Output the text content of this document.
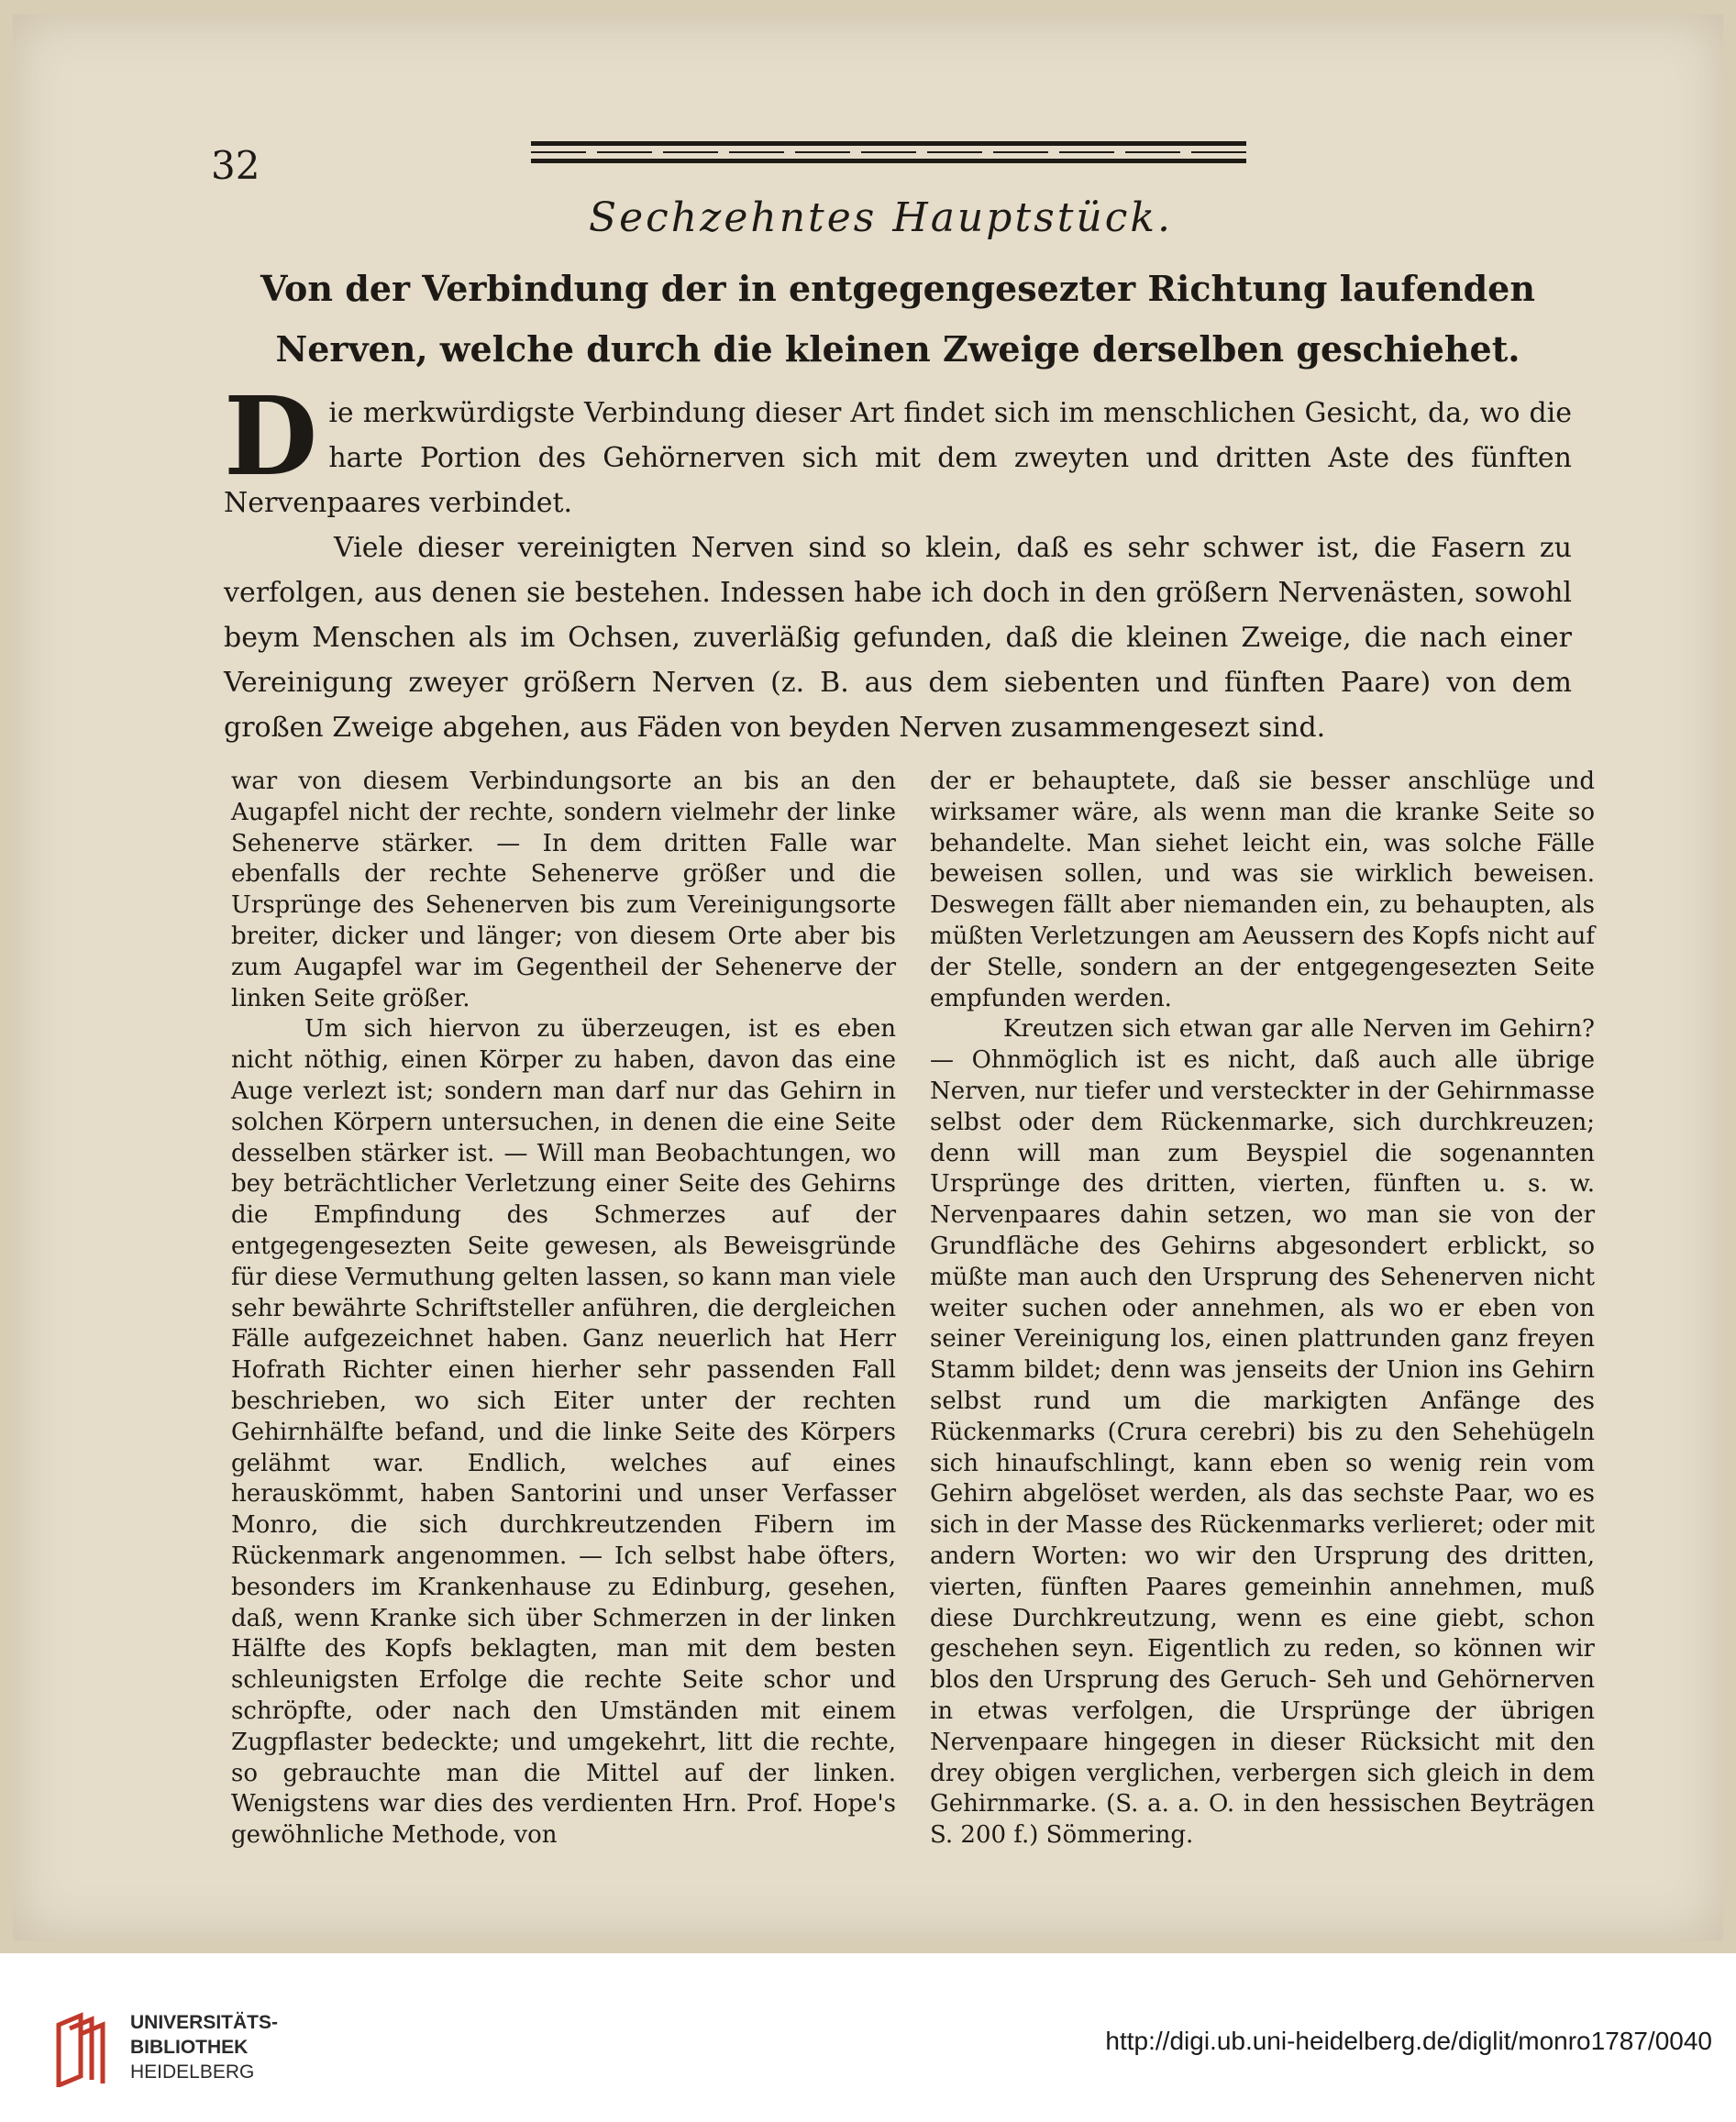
32
Sechzehntes Hauptstück.
Von der Verbindung der in entgegengesezter Richtung laufenden Nerven, welche durch die kleinen Zweige derselben geschiehet.

Die merkwürdigste Verbindung dieser Art findet sich im menschlichen Gesicht, da, wo die harte Portion des Gehörnerven sich mit dem zweyten und dritten Aste des fünften Nervenpaares verbindet.

Viele dieser vereinigten Nerven sind so klein, daß es sehr schwer ist, die Fasern zu verfolgen, aus denen sie bestehen. Indessen habe ich doch in den größern Nervenästen, sowohl beym Menschen als im Ochsen, zuverläßig gefunden, daß die kleinen Zweige, die nach einer Vereinigung zweyer größern Nerven (z. B. aus dem siebenten und fünften Paare) von dem großen Zweige abgehen, aus Fäden von beyden Nerven zusammengesezt sind.

war von diesem Verbindungsorte an bis an den Augapfel nicht der rechte, sondern vielmehr der linke Sehenerve stärker. — In dem dritten Falle war ebenfalls der rechte Sehenerve größer und die Ursprünge des Sehenerven bis zum Vereinigungsorte breiter, dicker und länger; von diesem Orte aber bis zum Augapfel war im Gegentheil der Sehenerve der linken Seite größer.

Um sich hiervon zu überzeugen, ist es eben nicht nöthig, einen Körper zu haben, davon das eine Auge verlezt ist; sondern man darf nur das Gehirn in solchen Körpern untersuchen, in denen die eine Seite desselben stärker ist. — Will man Beobachtungen, wo bey beträchtlicher Verletzung einer Seite des Gehirns die Empfindung des Schmerzes auf der entgegengesezten Seite gewesen, als Beweisgründe für diese Vermuthung gelten lassen, so kann man viele sehr bewährte Schriftsteller anführen, die dergleichen Fälle aufgezeichnet haben. Ganz neuerlich hat Herr Hofrath Richter einen hierher sehr passenden Fall beschrieben, wo sich Eiter unter der rechten Gehirnhälfte befand, und die linke Seite des Körpers gelähmt war. Endlich, welches auf eines herauskömmt, haben Santorini und unser Verfasser Monro, die sich durchkreutzenden Fibern im Rückenmark angenommen. — Ich selbst habe öfters, besonders im Krankenhause zu Edinburg, gesehen, daß, wenn Kranke sich über Schmerzen in der linken Hälfte des Kopfs beklagten, man mit dem besten schleunigsten Erfolge die rechte Seite schor und schröpfte, oder nach den Umständen mit einem Zugpflaster bedeckte; und umgekehrt, litt die rechte, so gebrauchte man die Mittel auf der linken. Wenigstens war dies des verdienten Hrn. Prof. Hope's gewöhnliche Methode, von

der er behauptete, daß sie besser anschlüge und wirksamer wäre, als wenn man die kranke Seite so behandelte. Man siehet leicht ein, was solche Fälle beweisen sollen, und was sie wirklich beweisen. Deswegen fällt aber niemanden ein, zu behaupten, als müßten Verletzungen am Aeussern des Kopfs nicht auf der Stelle, sondern an der entgegengesezten Seite empfunden werden.

Kreutzen sich etwan gar alle Nerven im Gehirn? — Ohnmöglich ist es nicht, daß auch alle übrige Nerven, nur tiefer und versteckter in der Gehirnmasse selbst oder dem Rückenmarke, sich durchkreuzen; denn will man zum Beyspiel die sogenannten Ursprünge des dritten, vierten, fünften u. s. w. Nervenpaares dahin setzen, wo man sie von der Grundfläche des Gehirns abgesondert erblickt, so müßte man auch den Ursprung des Sehenerven nicht weiter suchen oder annehmen, als wo er eben von seiner Vereinigung los, einen plattrunden ganz freyen Stamm bildet; denn was jenseits der Union ins Gehirn selbst rund um die markigten Anfänge des Rückenmarks (Crura cerebri) bis zu den Sehehügeln sich hinaufschlingt, kann eben so wenig rein vom Gehirn abgelöset werden, als das sechste Paar, wo es sich in der Masse des Rückenmarks verlieret; oder mit andern Worten: wo wir den Ursprung des dritten, vierten, fünften Paares gemeinhin annehmen, muß diese Durchkreutzung, wenn es eine giebt, schon geschehen seyn. Eigentlich zu reden, so können wir blos den Ursprung des Geruch- Seh und Gehörnerven in etwas verfolgen, die Ursprünge der übrigen Nervenpaare hingegen in dieser Rücksicht mit den drey obigen verglichen, verbergen sich gleich in dem Gehirnmarke. (S. a. a. O. in den hessischen Beyträgen S. 200 f.) Sömmering.

UNIVERSITÄTS-
BIBLIOTHEK
HEIDELBERG
http://digi.ub.uni-heidelberg.de/diglit/monro1787/0040
